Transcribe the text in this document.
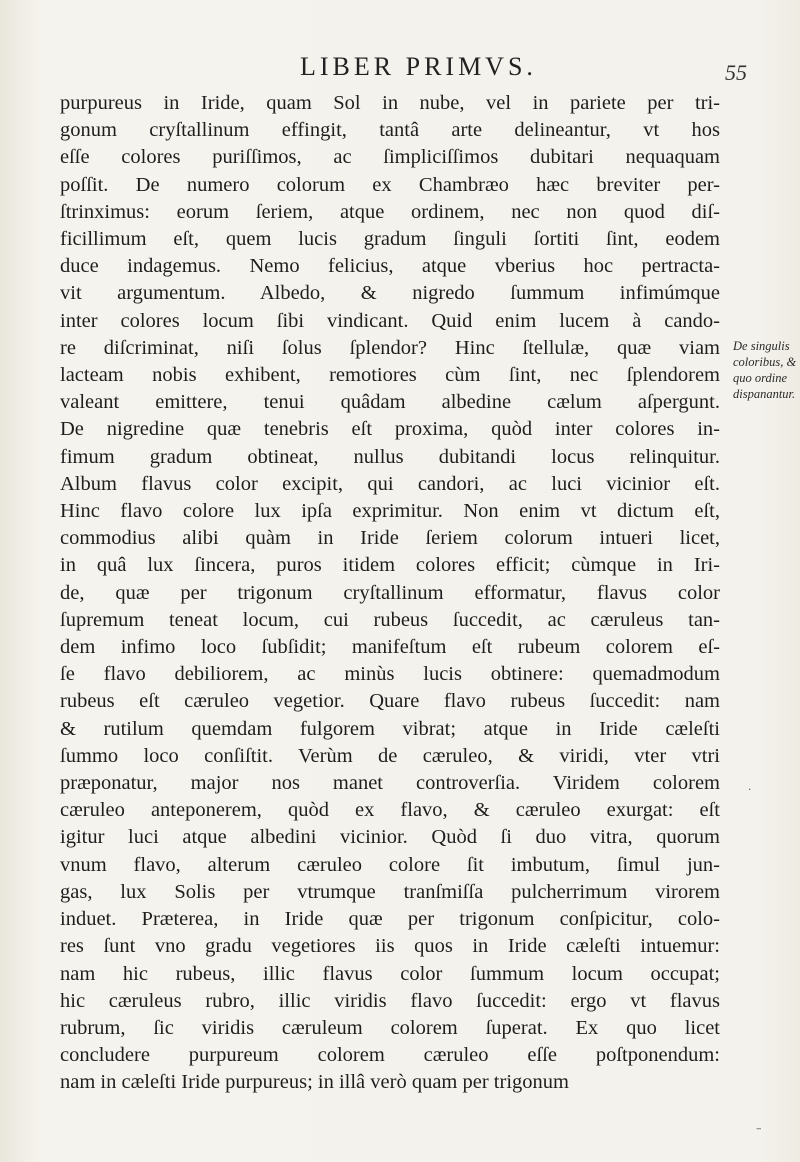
LIBER PRIMVS.	55
purpureus in Iride, quam Sol in nube, vel in pariete per tri-
gonum cryſtallinum effingit, tantâ arte delineantur, vt hos
eſſe colores puriſſimos, ac ſimpliciſſimos dubitari nequaquam
poſſit. De numero colorum ex Chambræo hæc breviter per-
ſtrinximus: eorum ſeriem, atque ordinem, nec non quod diſ-
ficillimum eſt, quem lucis gradum ſinguli ſortiti ſint, eodem
duce indagemus. Nemo felicius, atque vberius hoc pertracta-
vit argumentum. Albedo, & nigredo ſummum infimúmque
inter colores locum ſibi vindicant. Quid enim lucem à cando-
re diſcriminat, niſi ſolus ſplendor? Hinc ſtellulæ, quæ viam
lacteam nobis exhibent, remotiores cùm ſint, nec ſplendorem
valeant emittere, tenui quâdam albedine cælum aſpergunt.
De nigredine quæ tenebris eſt proxima, quòd inter colores in-
fimum gradum obtineat, nullus dubitandi locus relinquitur.
Album flavus color excipit, qui candori, ac luci vicinior eſt.
Hinc flavo colore lux ipſa exprimitur. Non enim vt dictum eſt,
commodius alibi quàm in Iride ſeriem colorum intueri licet,
in quâ lux ſincera, puros itidem colores efficit; cùmque in Iri-
de, quæ per trigonum cryſtallinum efformatur, flavus color
ſupremum teneat locum, cui rubeus ſuccedit, ac cæruleus tan-
dem infimo loco ſubſidit; manifeſtum eſt rubeum colorem eſ-
ſe flavo debiliorem, ac minùs lucis obtinere: quemadmodum
rubeus eſt cæruleo vegetior. Quare flavo rubeus ſuccedit: nam
& rutilum quemdam fulgorem vibrat; atque in Iride cæleſti
ſummo loco conſiſtit. Verùm de cæruleo, & viridi, vter vtri
præponatur, major nos manet controverſia. Viridem colorem
cæruleo anteponerem, quòd ex flavo, & cæruleo exurgat: eſt
igitur luci atque albedini vicinior. Quòd ſi duo vitra, quorum
vnum flavo, alterum cæruleo colore ſit imbutum, ſimul jun-
gas, lux Solis per vtrumque tranſmiſſa pulcherrimum virorem
induet. Præterea, in Iride quæ per trigonum conſpicitur, colo-
res ſunt vno gradu vegetiores iis quos in Iride cæleſti intuemur:
nam hic rubeus, illic flavus color ſummum locum occupat;
hic cæruleus rubro, illic viridis flavo ſuccedit: ergo vt flavus
rubrum, ſic viridis cæruleum colorem ſuperat. Ex quo licet
concludere purpureum colorem cæruleo eſſe poſtponendum:
nam in cæleſti Iride purpureus; in illâ verò quam per trigonum
De singulis
coloribus, &
quo ordine
dispanantur.
·
–
